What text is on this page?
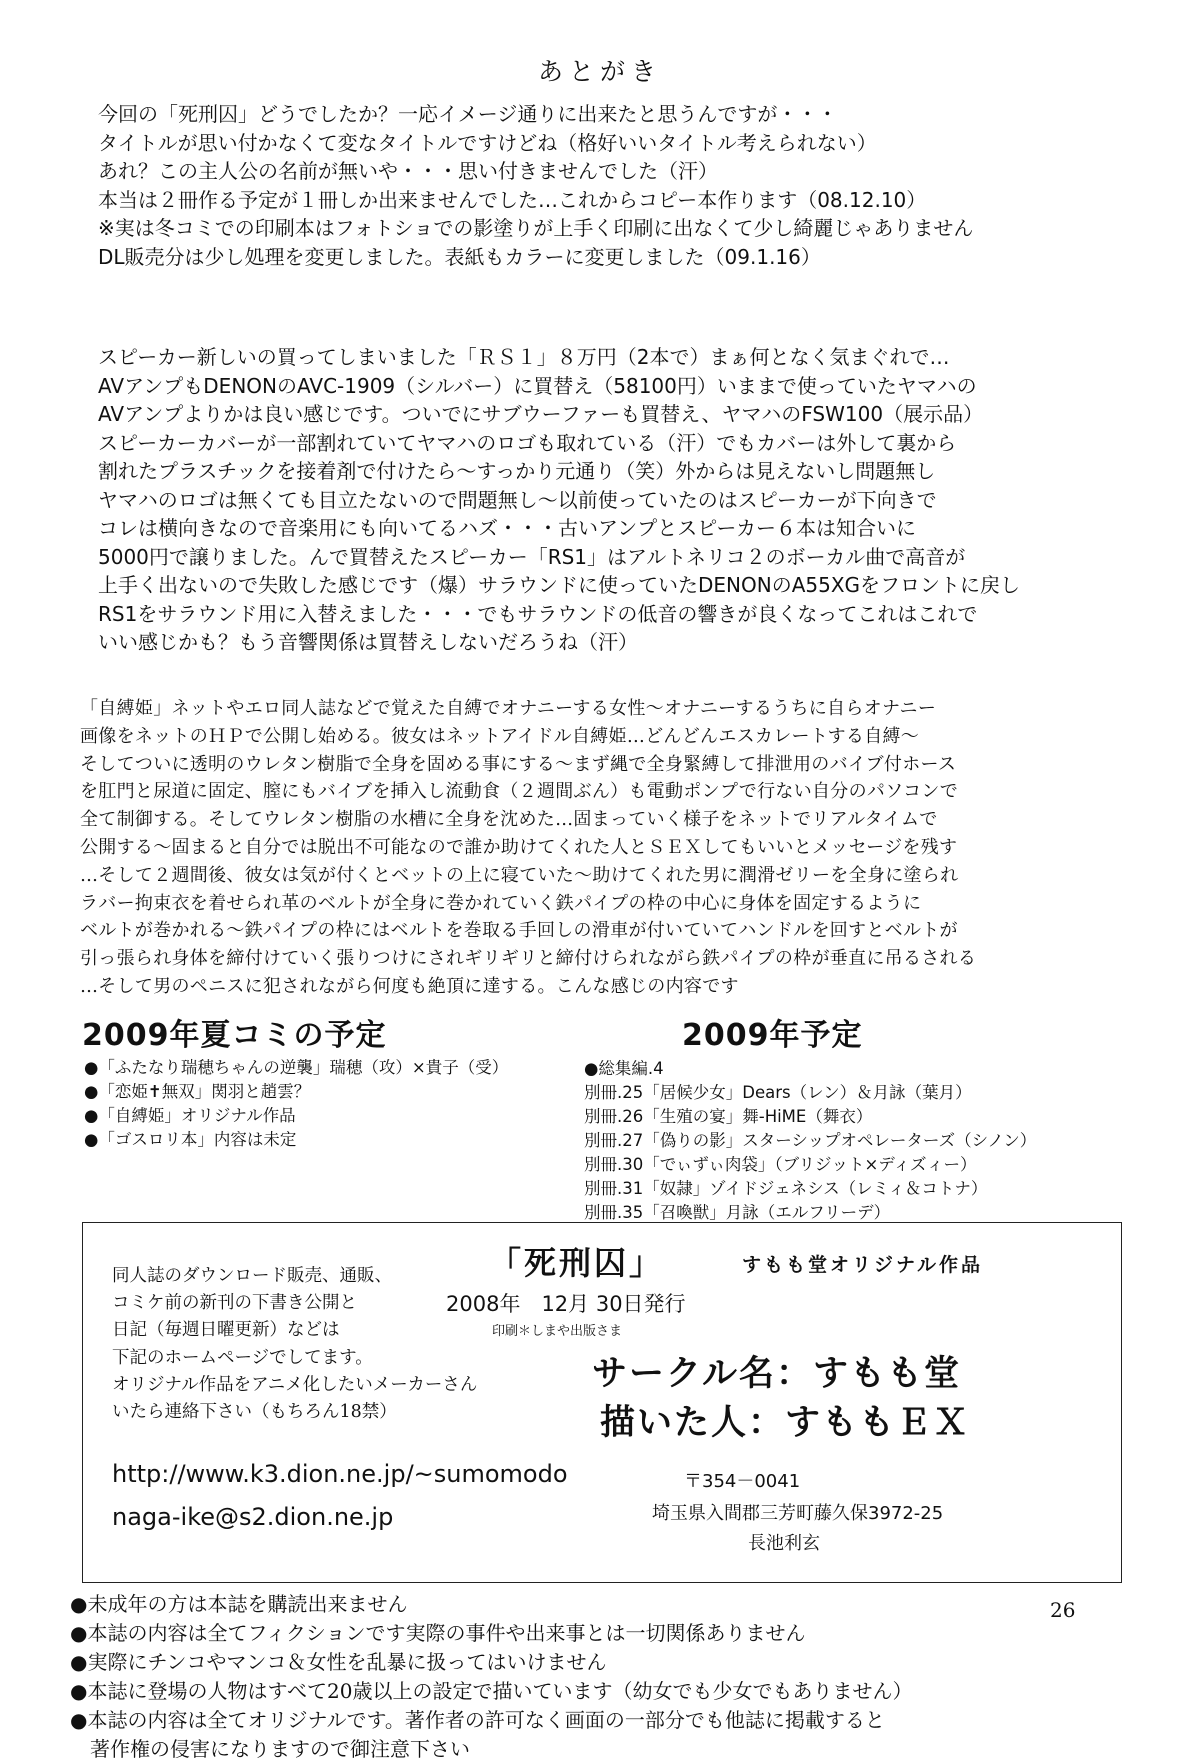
あとがき
今回の「死刑囚」どうでしたか？一応イメージ通りに出来たと思うんですが・・・
タイトルが思い付かなくて変なタイトルですけどね（格好いいタイトル考えられない）
あれ？この主人公の名前が無いや・・・思い付きませんでした（汗）
本当は２冊作る予定が１冊しか出来ませんでした…これからコピー本作ります（08.12.10）
※実は冬コミでの印刷本はフォトショでの影塗りが上手く印刷に出なくて少し綺麗じゃありません
DL販売分は少し処理を変更しました。表紙もカラーに変更しました（09.1.16）
スピーカー新しいの買ってしまいました「ＲＳ１」８万円（2本で）まぁ何となく気まぐれで…
AVアンプもDENONのAVC-1909（シルバー）に買替え（58100円）いままで使っていたヤマハの
AVアンプよりかは良い感じです。ついでにサブウーファーも買替え、ヤマハのFSW100（展示品）
スピーカーカバーが一部割れていてヤマハのロゴも取れている（汗）でもカバーは外して裏から
割れたプラスチックを接着剤で付けたら～すっかり元通り（笑）外からは見えないし問題無し
ヤマハのロゴは無くても目立たないので問題無し～以前使っていたのはスピーカーが下向きで
コレは横向きなので音楽用にも向いてるハズ・・・古いアンプとスピーカー６本は知合いに
5000円で譲りました。んで買替えたスピーカー「RS1」はアルトネリコ２のボーカル曲で高音が
上手く出ないので失敗した感じです（爆）サラウンドに使っていたDENONのA55XGをフロントに戻し
RS1をサラウンド用に入替えました・・・でもサラウンドの低音の響きが良くなってこれはこれで
いい感じかも？もう音響関係は買替えしないだろうね（汗）
「自縛姫」ネットやエロ同人誌などで覚えた自縛でオナニーする女性～オナニーするうちに自らオナニー
画像をネットのＨＰで公開し始める。彼女はネットアイドル自縛姫…どんどんエスカレートする自縛～
そしてついに透明のウレタン樹脂で全身を固める事にする～まず縄で全身緊縛して排泄用のバイブ付ホース
を肛門と尿道に固定、膣にもバイブを挿入し流動食（２週間ぶん）も電動ポンプで行ない自分のパソコンで
全て制御する。そしてウレタン樹脂の水槽に全身を沈めた…固まっていく様子をネットでリアルタイムで
公開する～固まると自分では脱出不可能なので誰か助けてくれた人とＳＥＸしてもいいとメッセージを残す
…そして２週間後、彼女は気が付くとベットの上に寝ていた～助けてくれた男に潤滑ゼリーを全身に塗られ
ラバー拘束衣を着せられ革のベルトが全身に巻かれていく鉄パイプの枠の中心に身体を固定するように
ベルトが巻かれる～鉄パイプの枠にはベルトを巻取る手回しの滑車が付いていてハンドルを回すとベルトが
引っ張られ身体を締付けていく張りつけにされギリギリと締付けられながら鉄パイプの枠が垂直に吊るされる
…そして男のペニスに犯されながら何度も絶頂に達する。こんな感じの内容です
2009年夏コミの予定
●「ふたなり瑞穂ちゃんの逆襲」瑞穂（攻）×貴子（受）
●「恋姫✝無双」関羽と趙雲？
●「自縛姫」オリジナル作品
●「ゴスロリ本」内容は未定
2009年予定
●総集編.4
別冊.25「居候少女」Dears（レン）＆月詠（葉月）
別冊.26「生殖の宴」舞-HiME（舞衣）
別冊.27「偽りの影」スターシップオペレーターズ（シノン）
別冊.30「でぃずぃ肉袋」（ブリジット×ディズィー）
別冊.31「奴隷」ゾイドジェネシス（レミィ＆コトナ）
別冊.35「召喚獣」月詠（エルフリーデ）
「死刑囚」	すもも堂オリジナル作品
同人誌のダウンロード販売、通販、
コミケ前の新刊の下書き公開と
日記（毎週日曜更新）などは
下記のホームページでしてます。
オリジナル作品をアニメ化したいメーカーさん
いたら連絡下さい（もちろん18禁）
2008年　12月 30日発行
印刷＊しまや出版さま
サークル名：すもも堂
描いた人：すももＥＸ
http://www.k3.dion.ne.jp/~sumomodo
naga-ike@s2.dion.ne.jp
〒354－0041
埼玉県入間郡三芳町藤久保3972-25
長池利玄
●未成年の方は本誌を購読出来ません
●本誌の内容は全てフィクションです実際の事件や出来事とは一切関係ありません
●実際にチンコやマンコ＆女性を乱暴に扱ってはいけません
●本誌に登場の人物はすべて20歳以上の設定で描いています（幼女でも少女でもありません）
●本誌の内容は全てオリジナルです。著作者の許可なく画面の一部分でも他誌に掲載すると
　著作権の侵害になりますので御注意下さい
26
